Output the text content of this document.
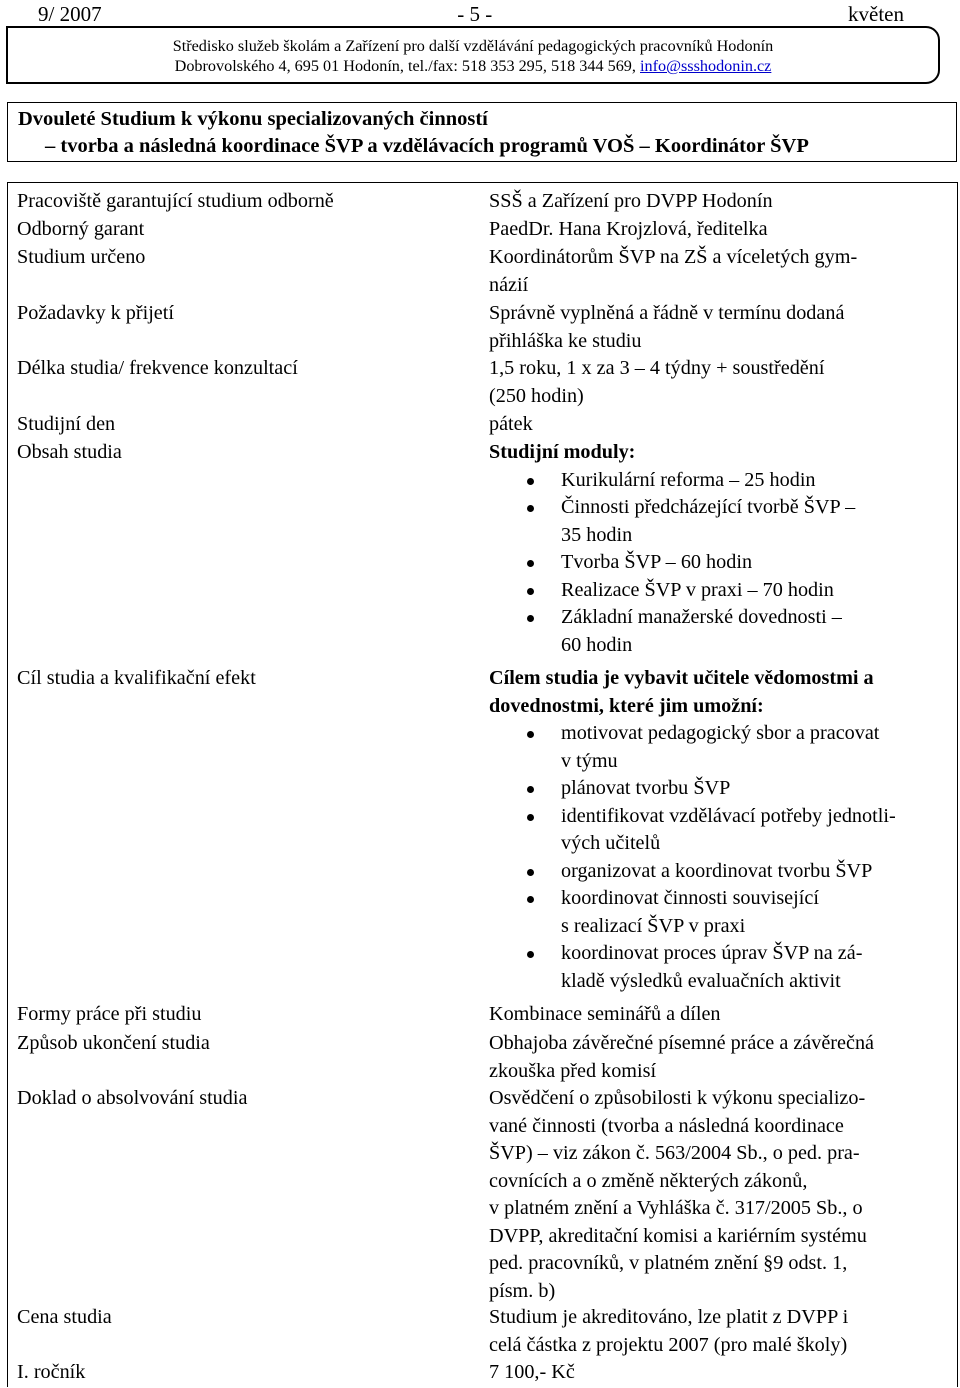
9/ 2007	- 5 -	květen
Středisko služeb školám a Zařízení pro další vzdělávání pedagogických pracovníků Hodonín
Dobrovolského 4, 695 01 Hodonín, tel./fax: 518 353 295, 518 344 569, info@ssshodonin.cz
Dvouleté Studium k výkonu specializovaných činností
– tvorba a následná koordinace ŠVP a vzdělávacích programů VOŠ – Koordinátor ŠVP
Pracoviště garantující studium odborně	SSŠ a Zařízení pro DVPP Hodonín
Odborný garant	PaedDr. Hana Krojzlová, ředitelka
Studium určeno	Koordinátorům ŠVP na ZŠ a víceletých gym-
názií
Požadavky k přijetí	Správně vyplněná a řádně v termínu dodaná
přihláška ke studiu
Délka studia/ frekvence konzultací	1,5 roku, 1 x za 3 – 4 týdny + soustředění
(250 hodin)
Studijní den	pátek
Obsah studia	Studijní moduly:
Kurikulární reforma – 25 hodin
Činnosti předcházející tvorbě ŠVP –
35 hodin
Tvorba ŠVP – 60 hodin
Realizace ŠVP v praxi – 70 hodin
Základní manažerské dovednosti –
60 hodin
Cíl studia a kvalifikační efekt	Cílem studia je vybavit učitele vědomostmi a
dovednostmi, které jim umožní:
motivovat pedagogický sbor a pracovat
v týmu
plánovat tvorbu ŠVP
identifikovat vzdělávací potřeby jednotli-
vých učitelů
organizovat a koordinovat tvorbu ŠVP
koordinovat činnosti související
s realizací ŠVP v praxi
koordinovat proces úprav ŠVP na zá-
kladě výsledků evaluačních aktivit
Formy práce při studiu	Kombinace seminářů a dílen
Způsob ukončení studia	Obhajoba závěrečné písemné práce a závěrečná
zkouška před komisí
Doklad o absolvování studia	Osvědčení o způsobilosti k výkonu specializo-
vané činnosti (tvorba a následná koordinace
ŠVP) – viz zákon č. 563/2004 Sb., o ped. pra-
covnících a o změně některých zákonů,
v platném znění a Vyhláška č. 317/2005 Sb., o
DVPP, akreditační komisi a kariérním systému
ped. pracovníků, v platném znění §9 odst. 1,
písm. b)
Cena studia	Studium je akreditováno, lze platit z DVPP i
celá částka z projektu 2007 (pro malé školy)
I. ročník	7 100,- Kč
